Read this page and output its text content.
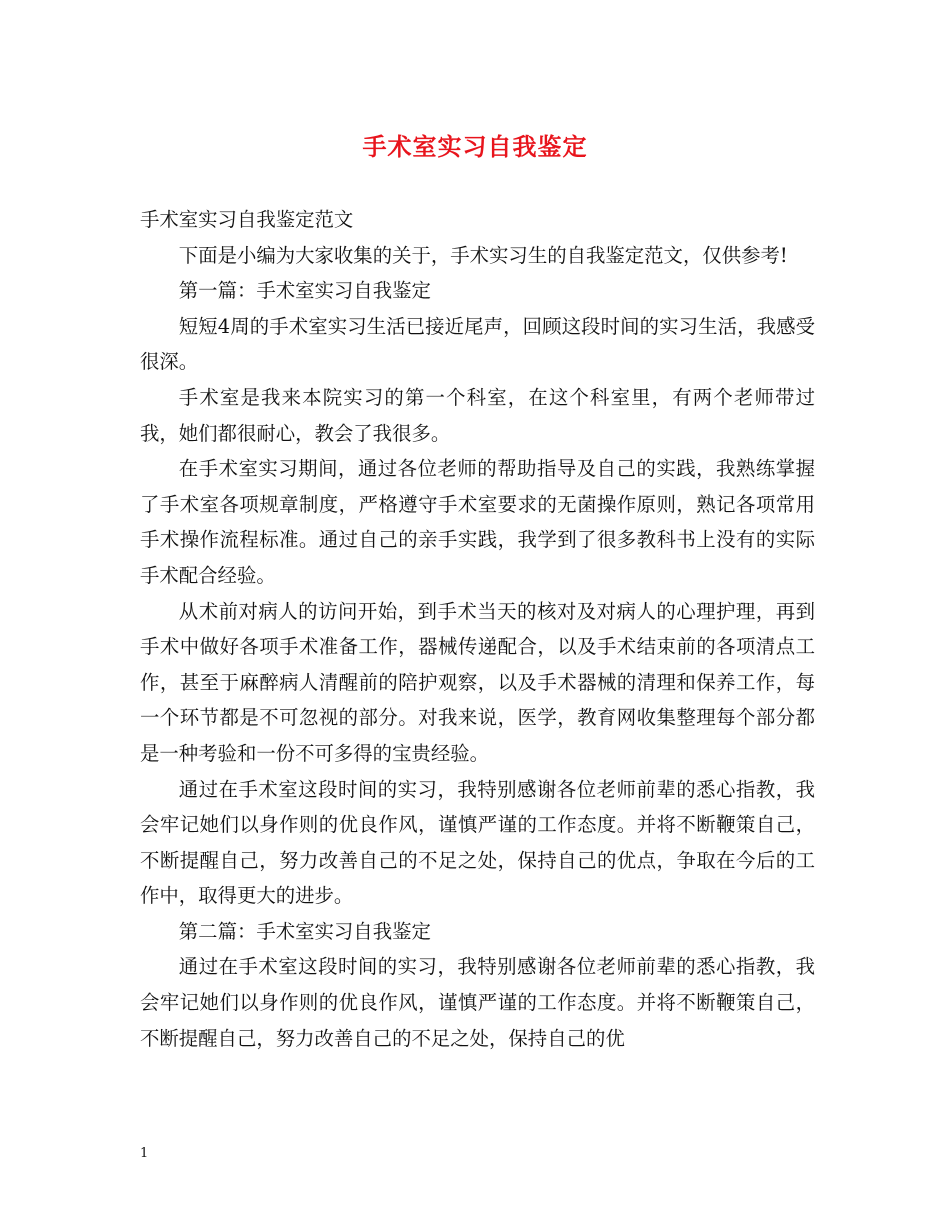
手术室实习自我鉴定

手术室实习自我鉴定范文

下面是小编为大家收集的关于，手术实习生的自我鉴定范文，仅供参考!

第一篇：手术室实习自我鉴定

短短4周的手术室实习生活已接近尾声，回顾这段时间的实习生活，我感受很深。

手术室是我来本院实习的第一个科室，在这个科室里，有两个老师带过我，她们都很耐心，教会了我很多。

在手术室实习期间，通过各位老师的帮助指导及自己的实践，我熟练掌握了手术室各项规章制度，严格遵守手术室要求的无菌操作原则，熟记各项常用手术操作流程标准。通过自己的亲手实践，我学到了很多教科书上没有的实际手术配合经验。

从术前对病人的访问开始，到手术当天的核对及对病人的心理护理，再到手术中做好各项手术准备工作，器械传递配合，以及手术结束前的各项清点工作，甚至于麻醉病人清醒前的陪护观察，以及手术器械的清理和保养工作，每一个环节都是不可忽视的部分。对我来说，医学，教育网收集整理每个部分都是一种考验和一份不可多得的宝贵经验。

通过在手术室这段时间的实习，我特别感谢各位老师前辈的悉心指教，我会牢记她们以身作则的优良作风，谨慎严谨的工作态度。并将不断鞭策自己，不断提醒自己，努力改善自己的不足之处，保持自己的优点，争取在今后的工作中，取得更大的进步。

第二篇：手术室实习自我鉴定

通过在手术室这段时间的实习，我特别感谢各位老师前辈的悉心指教，我会牢记她们以身作则的优良作风，谨慎严谨的工作态度。并将不断鞭策自己，不断提醒自己，努力改善自己的不足之处，保持自己的优

1
